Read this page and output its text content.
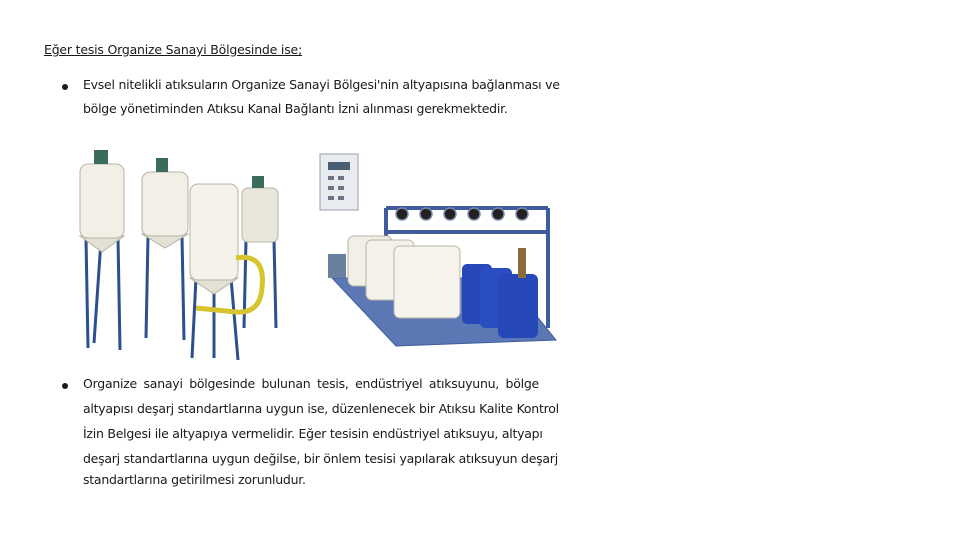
Eğer tesis Organize Sanayi Bölgesinde ise;
Evsel nitelikli atıksuların Organize Sanayi Bölgesi'nin altyapısına bağlanması ve
bölge yönetiminden Atıksu Kanal Bağlantı İzni alınması gerekmektedir.
Organize sanayi bölgesinde bulunan tesis, endüstriyel atıksuyunu, bölge
altyapısı deşarj standartlarına uygun ise, düzenlenecek bir Atıksu Kalite Kontrol
İzin Belgesi ile altyapıya vermelidir. Eğer tesisin endüstriyel atıksuyu, altyapı
deşarj standartlarına uygun değilse, bir önlem tesisi yapılarak atıksuyun deşarj
standartlarına getirilmesi zorunludur.
